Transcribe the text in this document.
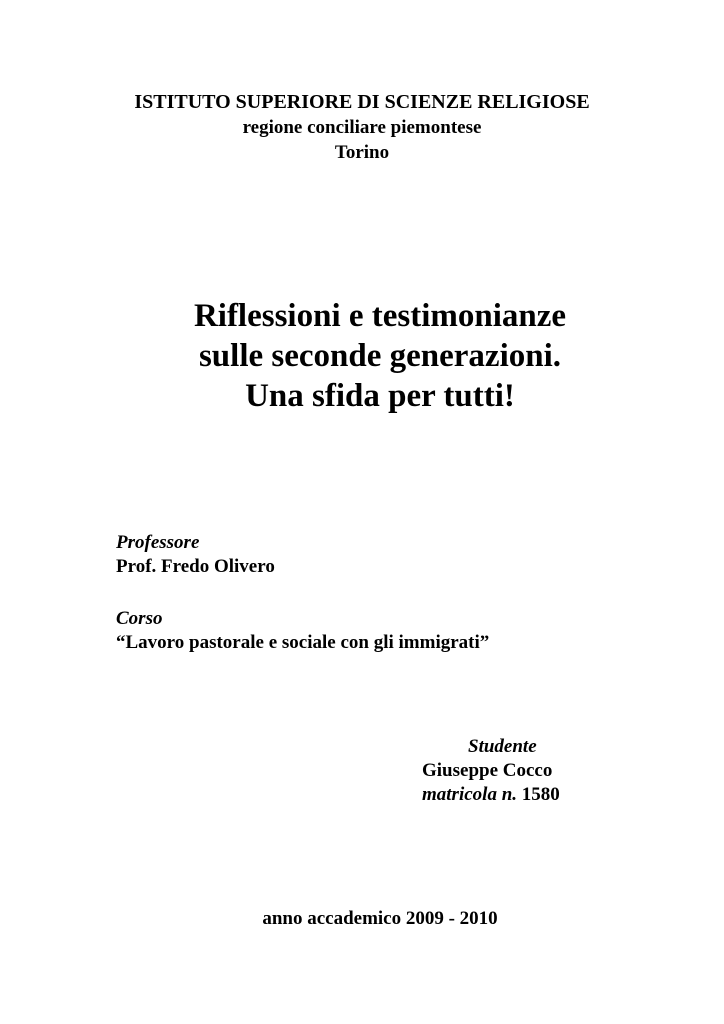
ISTITUTO SUPERIORE DI SCIENZE RELIGIOSE
regione conciliare piemontese
Torino
Riflessioni e testimonianze
sulle seconde generazioni.
Una sfida per tutti!
Professore
Prof. Fredo Olivero
Corso
“Lavoro pastorale e sociale con gli immigrati”
Studente
Giuseppe Cocco
matricola n. 1580
anno accademico 2009 - 2010
